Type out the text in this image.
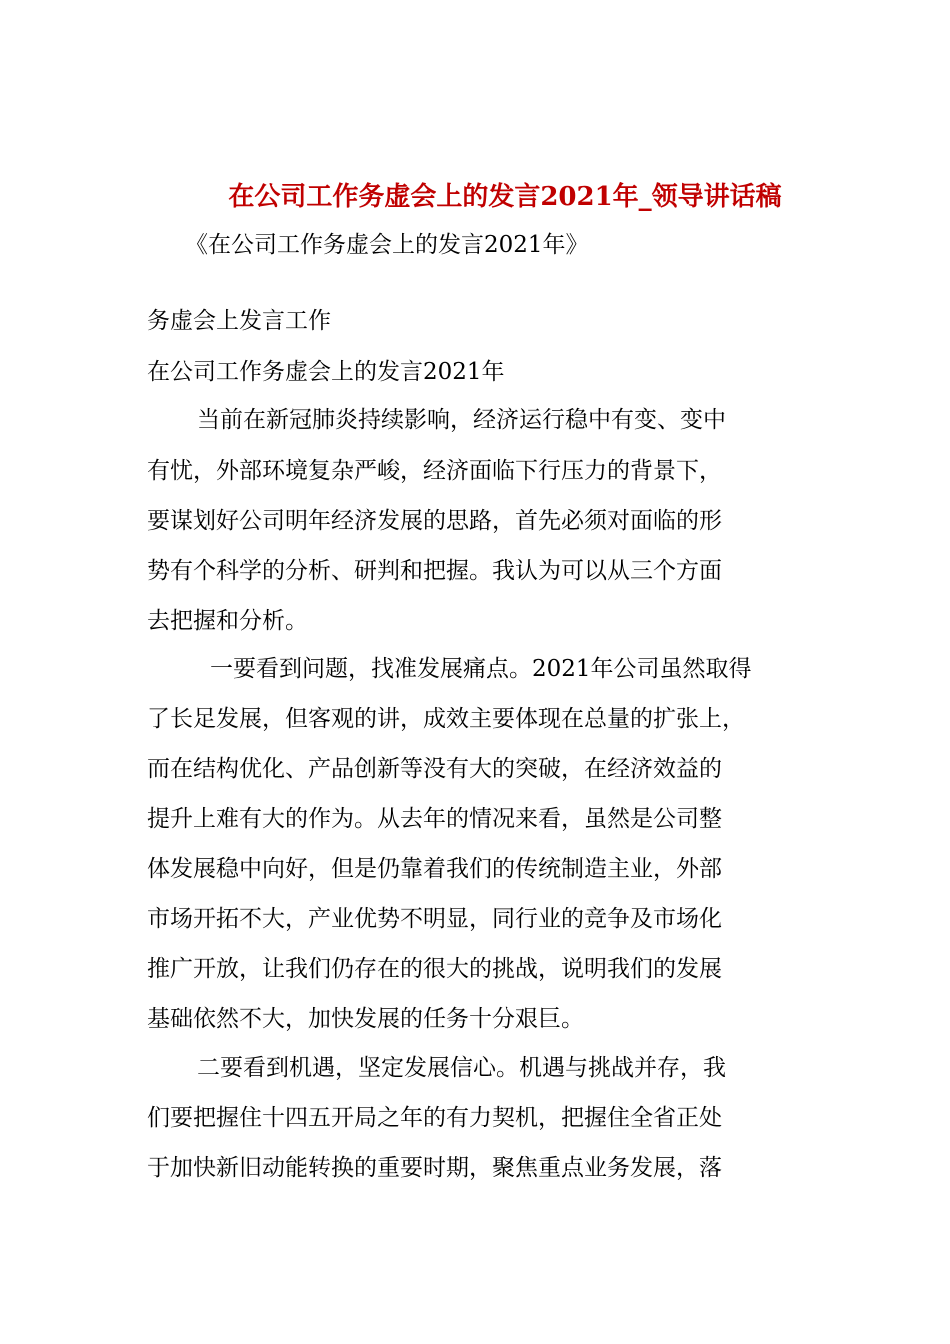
在公司工作务虚会上的发言2021年_领导讲话稿
《在公司工作务虚会上的发言2021年》
务虚会上发言工作
在公司工作务虚会上的发言2021年
当前在新冠肺炎持续影响，经济运行稳中有变、变中
有忧，外部环境复杂严峻，经济面临下行压力的背景下，
要谋划好公司明年经济发展的思路，首先必须对面临的形
势有个科学的分析、研判和把握。我认为可以从三个方面
去把握和分析。
一要看到问题，找准发展痛点。2021年公司虽然取得
了长足发展，但客观的讲，成效主要体现在总量的扩张上，
而在结构优化、产品创新等没有大的突破，在经济效益的
提升上难有大的作为。从去年的情况来看，虽然是公司整
体发展稳中向好，但是仍靠着我们的传统制造主业，外部
市场开拓不大，产业优势不明显，同行业的竞争及市场化
推广开放，让我们仍存在的很大的挑战，说明我们的发展
基础依然不大，加快发展的任务十分艰巨。
二要看到机遇，坚定发展信心。机遇与挑战并存，我
们要把握住十四五开局之年的有力契机，把握住全省正处
于加快新旧动能转换的重要时期，聚焦重点业务发展，落
